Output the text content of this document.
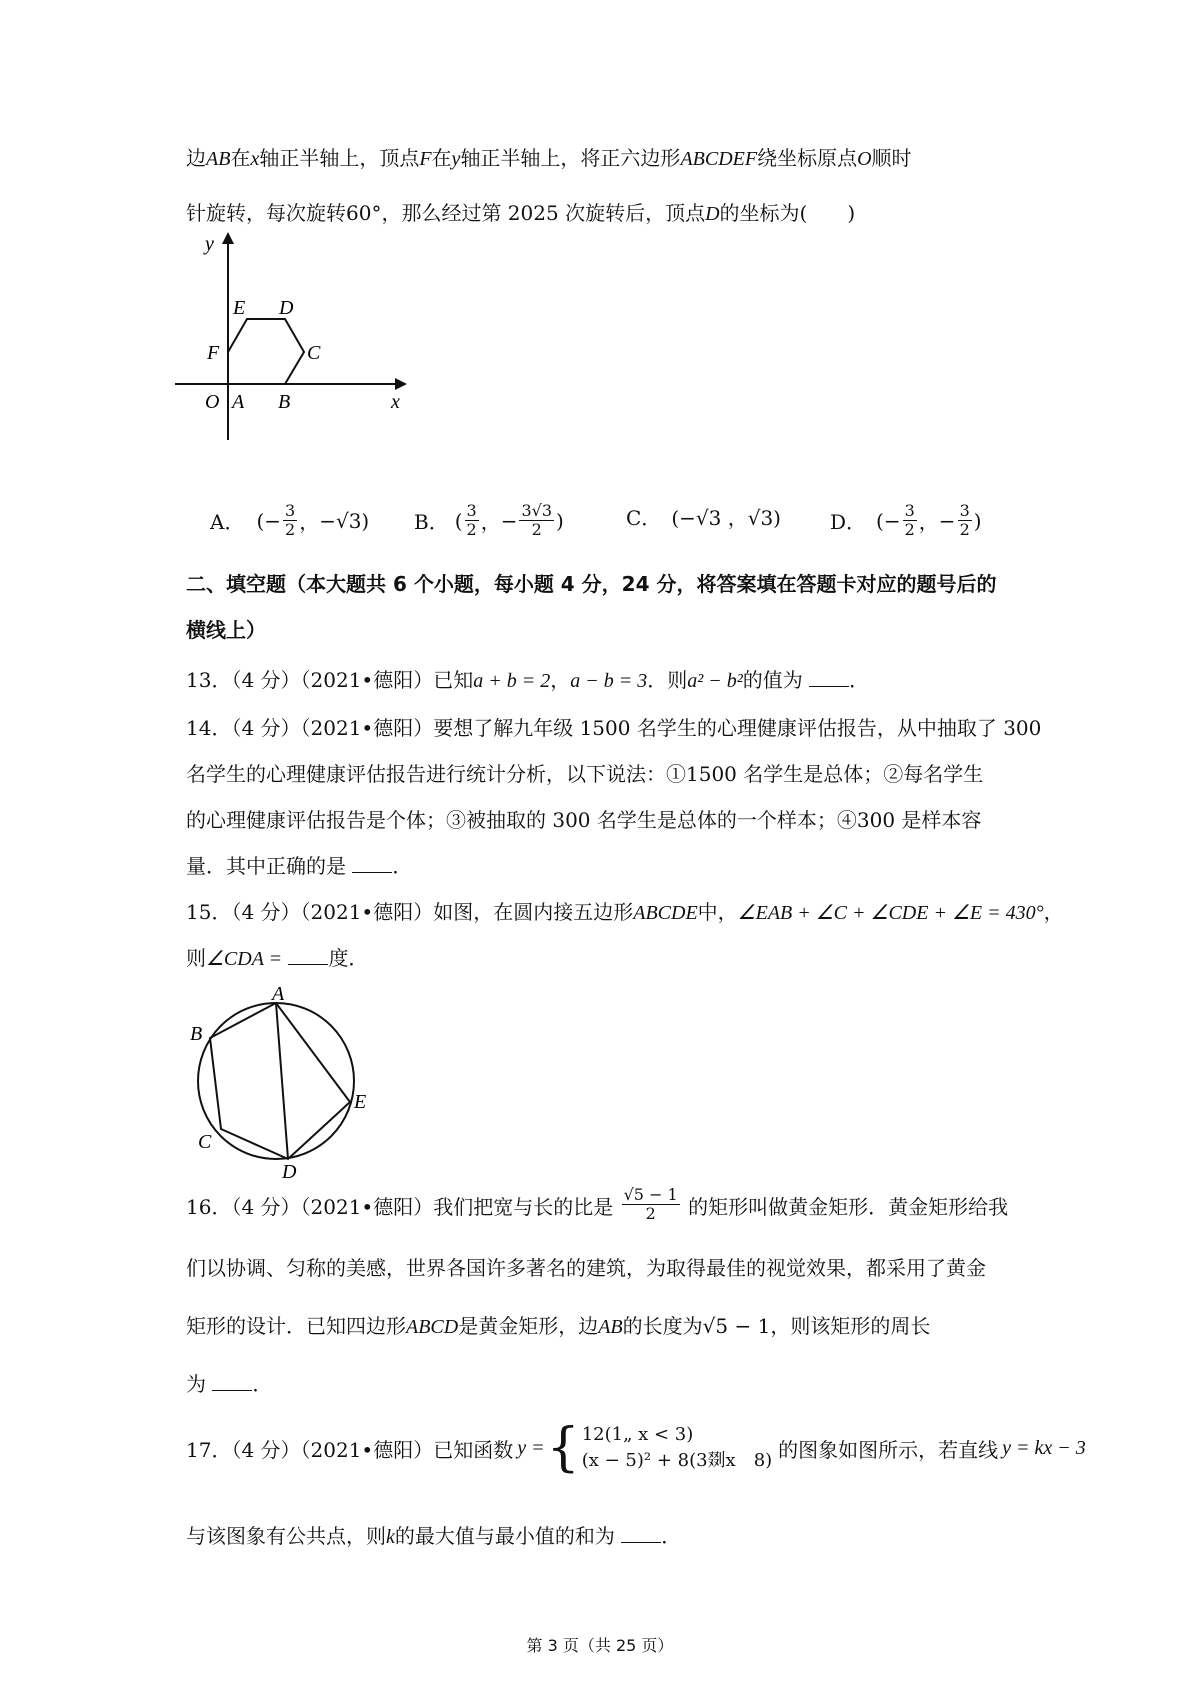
边AB在x轴正半轴上，顶点F在y轴正半轴上，将正六边形ABCDEF绕坐标原点O顺时
针旋转，每次旋转60°，那么经过第 2025 次旋转后，顶点D的坐标为(　　)
y
x
O A B
C
D
E
F
A． (− $\frac{3}{2}$ ， −√3) B． ( $\frac{3}{2}$ ， − $\frac{3√3}{2}$ )	C． (−√3 ，√3) D． (− $\frac{3}{2}$ ， − $\frac{3}{2}$ )
二、填空题（本大题共 6 个小题，每小题 4 分，24 分，将答案填在答题卡对应的题号后的
横线上）
13．（4 分）（2021•德阳）已知a + b = 2，a − b = 3．则a² − b²的值为 ．
14．（4 分）（2021•德阳）要想了解九年级 1500 名学生的心理健康评估报告，从中抽取了 300
名学生的心理健康评估报告进行统计分析，以下说法：①1500 名学生是总体；②每名学生
的心理健康评估报告是个体；③被抽取的 300 名学生是总体的一个样本；④300 是样本容
量．其中正确的是 ．
15．（4 分）（2021•德阳）如图，在圆内接五边形ABCDE中，∠EAB + ∠C + ∠CDE + ∠E = 430°，
则∠CDA = 度．
A
B
C
D
E
16．（4 分）（2021•德阳）我们把宽与长的比是 $\frac{√5 - 1}{2}$ 的矩形叫做黄金矩形．黄金矩形给我
们以协调、匀称的美感，世界各国许多著名的建筑，为取得最佳的视觉效果，都采用了黄金
矩形的设计．已知四边形ABCD是黄金矩形，边AB的长度为√5 − 1，则该矩形的周长
为 ．
17．（4 分）（2021•德阳）已知函数 y = { 12(1„ x < 3)
(x − 5)² + 8(3剟x　8) 的图象如图所示，若直线 y = kx − 3
与该图象有公共点，则k的最大值与最小值的和为 ．
第 3 页（共 25 页）
